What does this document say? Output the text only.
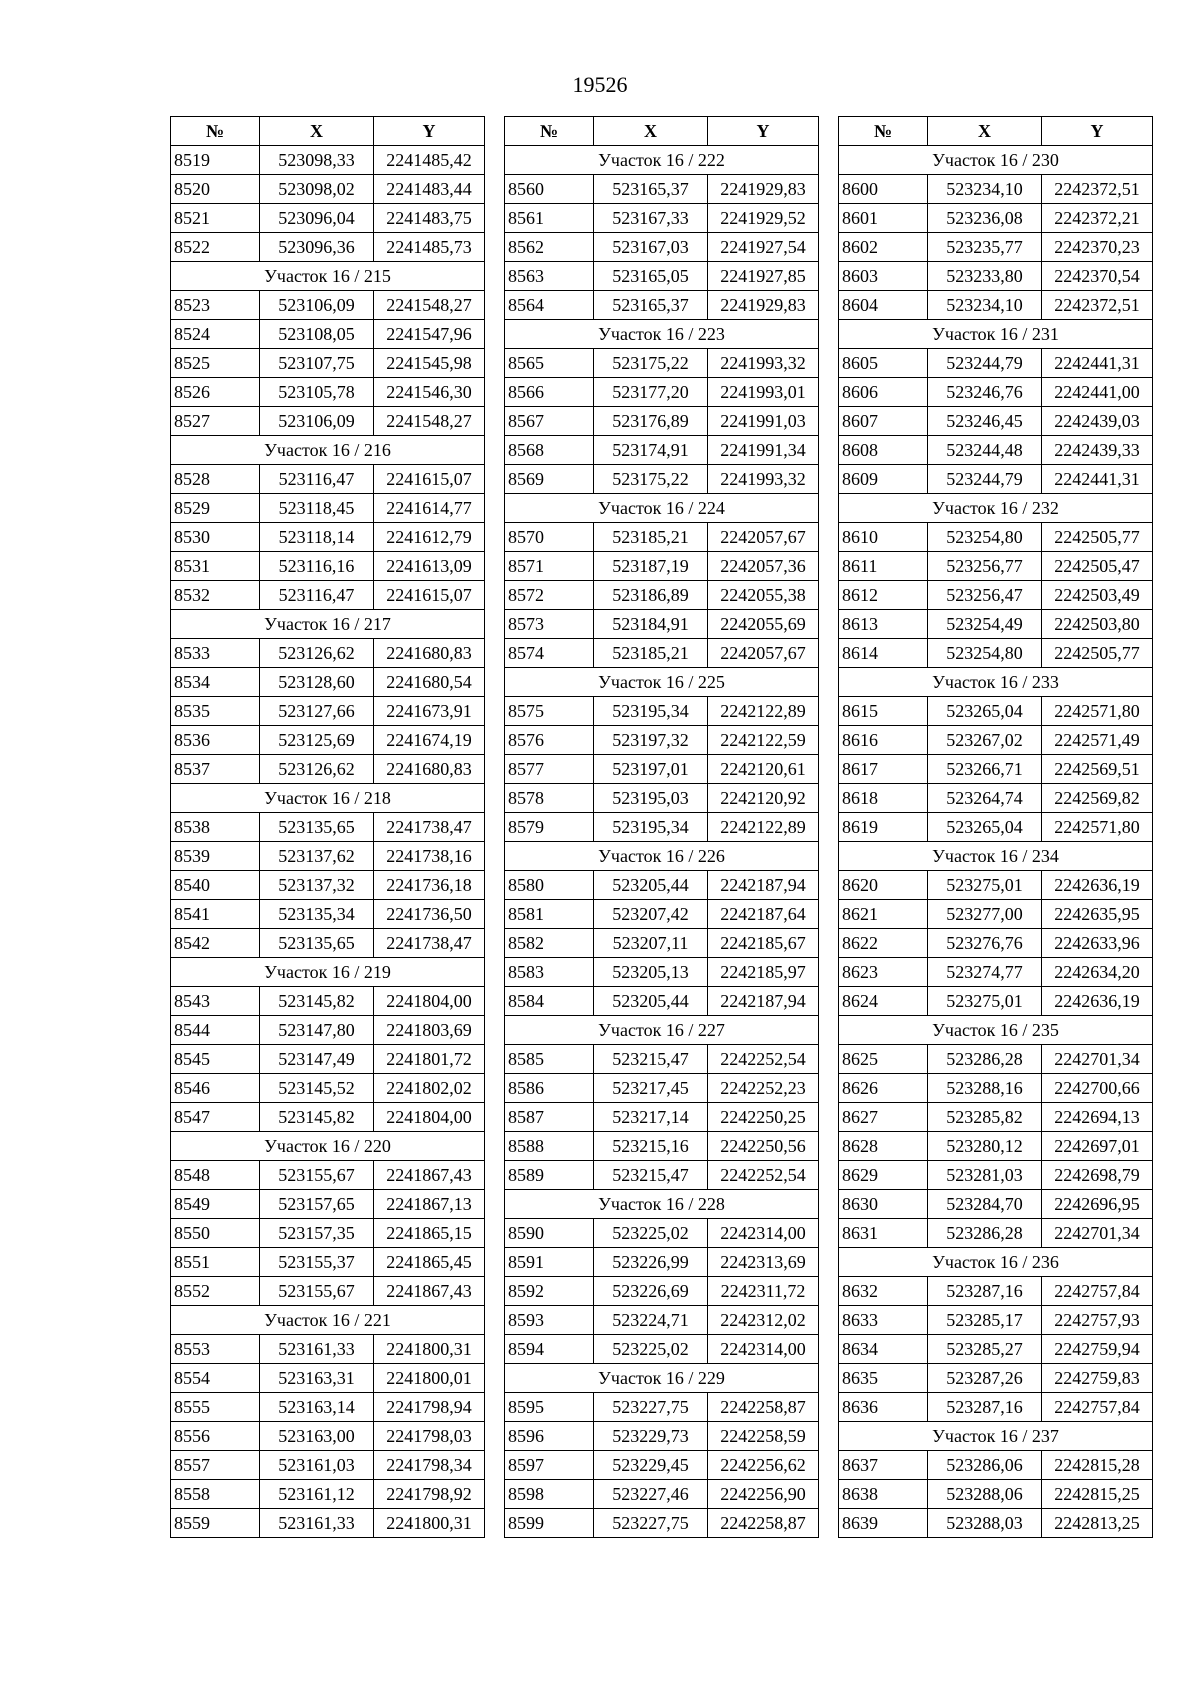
19526
№	X	Y
8519	523098,33	2241485,42
8520	523098,02	2241483,44
8521	523096,04	2241483,75
8522	523096,36	2241485,73
Участок 16 / 215		
8523	523106,09	2241548,27
8524	523108,05	2241547,96
8525	523107,75	2241545,98
8526	523105,78	2241546,30
8527	523106,09	2241548,27
Участок 16 / 216		
8528	523116,47	2241615,07
8529	523118,45	2241614,77
8530	523118,14	2241612,79
8531	523116,16	2241613,09
8532	523116,47	2241615,07
Участок 16 / 217		
8533	523126,62	2241680,83
8534	523128,60	2241680,54
8535	523127,66	2241673,91
8536	523125,69	2241674,19
8537	523126,62	2241680,83
Участок 16 / 218		
8538	523135,65	2241738,47
8539	523137,62	2241738,16
8540	523137,32	2241736,18
8541	523135,34	2241736,50
8542	523135,65	2241738,47
Участок 16 / 219		
8543	523145,82	2241804,00
8544	523147,80	2241803,69
8545	523147,49	2241801,72
8546	523145,52	2241802,02
8547	523145,82	2241804,00
Участок 16 / 220		
8548	523155,67	2241867,43
8549	523157,65	2241867,13
8550	523157,35	2241865,15
8551	523155,37	2241865,45
8552	523155,67	2241867,43
Участок 16 / 221		
8553	523161,33	2241800,31
8554	523163,31	2241800,01
8555	523163,14	2241798,94
8556	523163,00	2241798,03
8557	523161,03	2241798,34
8558	523161,12	2241798,92
8559	523161,33	2241800,31
№	X	Y
Участок 16 / 222		
8560	523165,37	2241929,83
8561	523167,33	2241929,52
8562	523167,03	2241927,54
8563	523165,05	2241927,85
8564	523165,37	2241929,83
Участок 16 / 223		
8565	523175,22	2241993,32
8566	523177,20	2241993,01
8567	523176,89	2241991,03
8568	523174,91	2241991,34
8569	523175,22	2241993,32
Участок 16 / 224		
8570	523185,21	2242057,67
8571	523187,19	2242057,36
8572	523186,89	2242055,38
8573	523184,91	2242055,69
8574	523185,21	2242057,67
Участок 16 / 225		
8575	523195,34	2242122,89
8576	523197,32	2242122,59
8577	523197,01	2242120,61
8578	523195,03	2242120,92
8579	523195,34	2242122,89
Участок 16 / 226		
8580	523205,44	2242187,94
8581	523207,42	2242187,64
8582	523207,11	2242185,67
8583	523205,13	2242185,97
8584	523205,44	2242187,94
Участок 16 / 227		
8585	523215,47	2242252,54
8586	523217,45	2242252,23
8587	523217,14	2242250,25
8588	523215,16	2242250,56
8589	523215,47	2242252,54
Участок 16 / 228		
8590	523225,02	2242314,00
8591	523226,99	2242313,69
8592	523226,69	2242311,72
8593	523224,71	2242312,02
8594	523225,02	2242314,00
Участок 16 / 229		
8595	523227,75	2242258,87
8596	523229,73	2242258,59
8597	523229,45	2242256,62
8598	523227,46	2242256,90
8599	523227,75	2242258,87
№	X	Y
Участок 16 / 230		
8600	523234,10	2242372,51
8601	523236,08	2242372,21
8602	523235,77	2242370,23
8603	523233,80	2242370,54
8604	523234,10	2242372,51
Участок 16 / 231		
8605	523244,79	2242441,31
8606	523246,76	2242441,00
8607	523246,45	2242439,03
8608	523244,48	2242439,33
8609	523244,79	2242441,31
Участок 16 / 232		
8610	523254,80	2242505,77
8611	523256,77	2242505,47
8612	523256,47	2242503,49
8613	523254,49	2242503,80
8614	523254,80	2242505,77
Участок 16 / 233		
8615	523265,04	2242571,80
8616	523267,02	2242571,49
8617	523266,71	2242569,51
8618	523264,74	2242569,82
8619	523265,04	2242571,80
Участок 16 / 234		
8620	523275,01	2242636,19
8621	523277,00	2242635,95
8622	523276,76	2242633,96
8623	523274,77	2242634,20
8624	523275,01	2242636,19
Участок 16 / 235		
8625	523286,28	2242701,34
8626	523288,16	2242700,66
8627	523285,82	2242694,13
8628	523280,12	2242697,01
8629	523281,03	2242698,79
8630	523284,70	2242696,95
8631	523286,28	2242701,34
Участок 16 / 236		
8632	523287,16	2242757,84
8633	523285,17	2242757,93
8634	523285,27	2242759,94
8635	523287,26	2242759,83
8636	523287,16	2242757,84
Участок 16 / 237		
8637	523286,06	2242815,28
8638	523288,06	2242815,25
8639	523288,03	2242813,25
